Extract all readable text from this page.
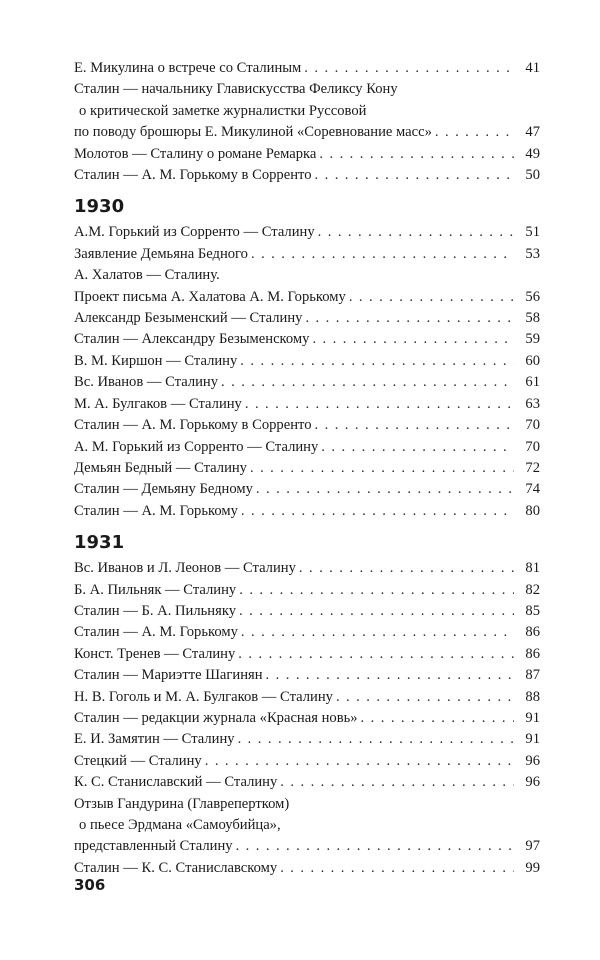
Е. Микулина о встрече со Сталиным . . .	41
Сталин — начальнику Главискусства Феликсу Кону
о критической заметке журналистки Руссовой
по поводу брошюры Е. Микулиной «Соревнование масс» . . .	47
Молотов — Сталину о романе Ремарка . . .	49
Сталин — А. М. Горькому в Сорренто . . .	50
1930
А.М. Горький из Сорренто — Сталину . . .	51
Заявление Демьяна Бедного . . .	53
А. Халатов — Сталину.
Проект письма А. Халатова А. М. Горькому . . .	56
Александр Безыменский — Сталину . . .	58
Сталин — Александру Безыменскому . . .	59
В. М. Киршон — Сталину . . .	60
Вс. Иванов — Сталину . . .	61
М. А. Булгаков — Сталину . . .	63
Сталин — А. М. Горькому в Сорренто . . .	70
А. М. Горький из Сорренто — Сталину . . .	70
Демьян Бедный — Сталину . . .	72
Сталин — Демьяну Бедному . . .	74
Сталин — А. М. Горькому . . .	80
1931
Вс. Иванов и Л. Леонов — Сталину . . .	81
Б. А. Пильняк — Сталину . . .	82
Сталин — Б. А. Пильняку . . .	85
Сталин — А. М. Горькому . . .	86
Конст. Тренев — Сталину . . .	86
Сталин — Мариэтте Шагинян . . .	87
Н. В. Гоголь и М. А. Булгаков — Сталину . . .	88
Сталин — редакции журнала «Красная новь» . . .	91
Е. И. Замятин — Сталину . . .	91
Стецкий — Сталину . . .	96
К. С. Станиславский — Сталину . . .	96
Отзыв Гандурина (Главрепертком)
о пьесе Эрдмана «Самоубийца»,
представленный Сталину . . .	97
Сталин — К. С. Станиславскому . . .	99
306
